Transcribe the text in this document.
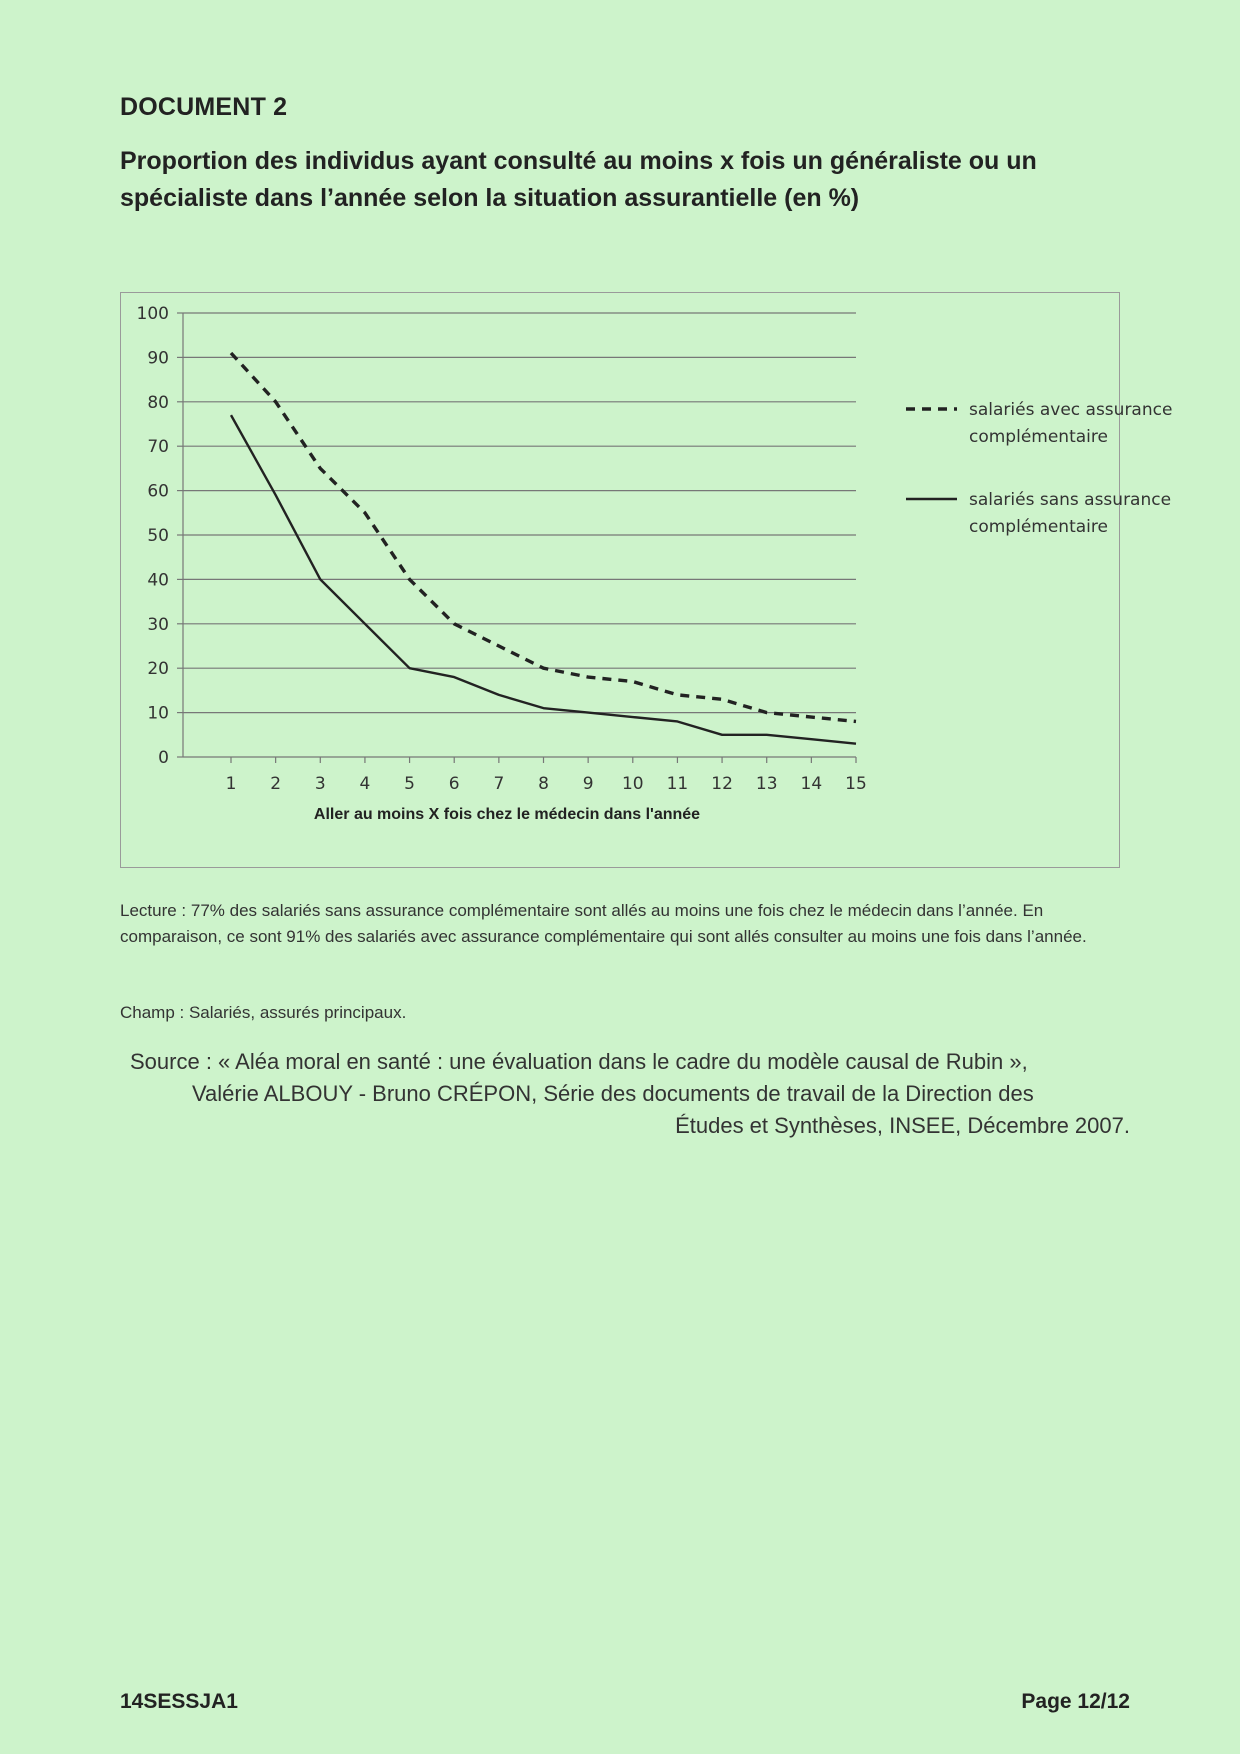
DOCUMENT 2
Proportion des individus ayant consulté au moins x fois un généraliste ou un
spécialiste dans l’année selon la situation assurantielle (en %)
0
10
20
30
40
50
60
70
80
90
100
1 2 3 4 5 6 7 8 9 10 11 12 13 14 15
salariés avec assurance
complémentaire
salariés sans assurance
complémentaire
Aller au moins X fois chez le médecin dans l'année
Lecture : 77% des salariés sans assurance complémentaire sont allés au moins une fois chez le médecin dans l’année. En comparaison, ce sont 91% des salariés avec assurance complémentaire qui sont allés consulter au moins une fois dans l’année.
Champ : Salariés, assurés principaux.
Source : « Aléa moral en santé : une évaluation dans le cadre du modèle causal de Rubin »,
Valérie ALBOUY - Bruno CRÉPON, Série des documents de travail de la Direction des
Études et Synthèses, INSEE, Décembre 2007.
14SESSJA1	Page 12/12
